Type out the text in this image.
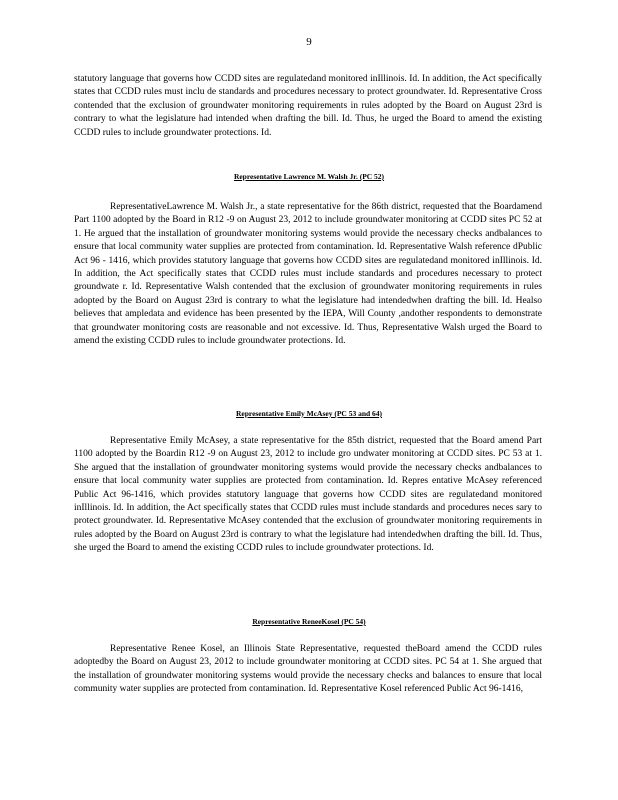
9

statutory language that governs how CCDD sites are regulatedand monitored inIllinois. Id. In addition, the Act specifically states that CCDD rules must inclu de standards and procedures necessary to protect groundwater. Id. Representative Cross contended that the exclusion of groundwater monitoring requirements in rules adopted by the Board on August 23rd is contrary to what the legislature had intended when drafting the bill. Id. Thus, he urged the Board to amend the existing CCDD rules to include groundwater protections. Id.

Representative Lawrence M. Walsh Jr. (PC 52)

RepresentativeLawrence M. Walsh Jr., a state representative for the 86th district, requested that the Boardamend Part 1100 adopted by the Board in R12 -9 on August 23, 2012 to include groundwater monitoring at CCDD sites PC 52 at 1. He argued that the installation of groundwater monitoring systems would provide the necessary checks andbalances to ensure that local community water supplies are protected from contamination. Id. Representative Walsh reference dPublic Act 96 - 1416, which provides statutory language that governs how CCDD sites are regulatedand monitored inIllinois. Id. In addition, the Act specifically states that CCDD rules must include standards and procedures necessary to protect groundwate r. Id. Representative Walsh contended that the exclusion of groundwater monitoring requirements in rules adopted by the Board on August 23rd is contrary to what the legislature had intendedwhen drafting the bill. Id. Healso believes that ampledata and evidence has been presented by the IEPA, Will County ,andother respondents to demonstrate that groundwater monitoring costs are reasonable and not excessive. Id. Thus, Representative Walsh urged the Board to amend the existing CCDD rules to include groundwater protections. Id.

Representative Emily McAsey (PC 53 and 64)

Representative Emily McAsey, a state representative for the 85th district, requested that the Board amend Part 1100 adopted by the Boardin R12 -9 on August 23, 2012 to include gro undwater monitoring at CCDD sites. PC 53 at 1. She argued that the installation of groundwater monitoring systems would provide the necessary checks andbalances to ensure that local community water supplies are protected from contamination. Id. Repres entative McAsey referenced Public Act 96-1416, which provides statutory language that governs how CCDD sites are regulatedand monitored inIllinois. Id. In addition, the Act specifically states that CCDD rules must include standards and procedures neces sary to protect groundwater. Id. Representative McAsey contended that the exclusion of groundwater monitoring requirements in rules adopted by the Board on August 23rd is contrary to what the legislature had intendedwhen drafting the bill. Id. Thus, she urged the Board to amend the existing CCDD rules to include groundwater protections. Id.

Representative ReneeKosel (PC 54)

Representative Renee Kosel, an Illinois State Representative, requested theBoard amend the CCDD rules adoptedby the Board on August 23, 2012 to include groundwater monitoring at CCDD sites. PC 54 at 1. She argued that the installation of groundwater monitoring systems would provide the necessary checks and balances to ensure that local community water supplies are protected from contamination. Id. Representative Kosel referenced Public Act 96-1416,
